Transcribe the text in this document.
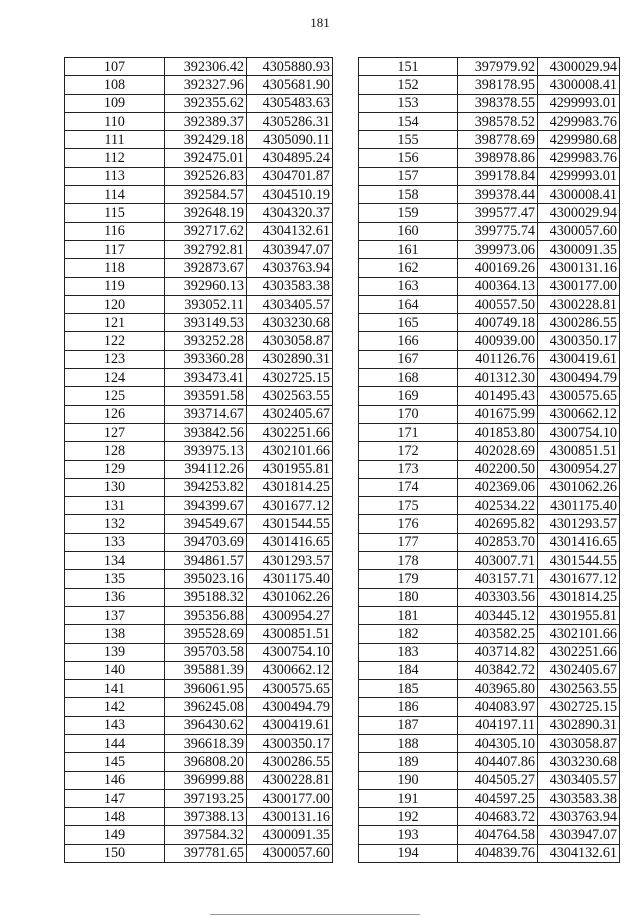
181
107	392306.42	4305880.93
108	392327.96	4305681.90
109	392355.62	4305483.63
110	392389.37	4305286.31
111	392429.18	4305090.11
112	392475.01	4304895.24
113	392526.83	4304701.87
114	392584.57	4304510.19
115	392648.19	4304320.37
116	392717.62	4304132.61
117	392792.81	4303947.07
118	392873.67	4303763.94
119	392960.13	4303583.38
120	393052.11	4303405.57
121	393149.53	4303230.68
122	393252.28	4303058.87
123	393360.28	4302890.31
124	393473.41	4302725.15
125	393591.58	4302563.55
126	393714.67	4302405.67
127	393842.56	4302251.66
128	393975.13	4302101.66
129	394112.26	4301955.81
130	394253.82	4301814.25
131	394399.67	4301677.12
132	394549.67	4301544.55
133	394703.69	4301416.65
134	394861.57	4301293.57
135	395023.16	4301175.40
136	395188.32	4301062.26
137	395356.88	4300954.27
138	395528.69	4300851.51
139	395703.58	4300754.10
140	395881.39	4300662.12
141	396061.95	4300575.65
142	396245.08	4300494.79
143	396430.62	4300419.61
144	396618.39	4300350.17
145	396808.20	4300286.55
146	396999.88	4300228.81
147	397193.25	4300177.00
148	397388.13	4300131.16
149	397584.32	4300091.35
150	397781.65	4300057.60
151	397979.92	4300029.94
152	398178.95	4300008.41
153	398378.55	4299993.01
154	398578.52	4299983.76
155	398778.69	4299980.68
156	398978.86	4299983.76
157	399178.84	4299993.01
158	399378.44	4300008.41
159	399577.47	4300029.94
160	399775.74	4300057.60
161	399973.06	4300091.35
162	400169.26	4300131.16
163	400364.13	4300177.00
164	400557.50	4300228.81
165	400749.18	4300286.55
166	400939.00	4300350.17
167	401126.76	4300419.61
168	401312.30	4300494.79
169	401495.43	4300575.65
170	401675.99	4300662.12
171	401853.80	4300754.10
172	402028.69	4300851.51
173	402200.50	4300954.27
174	402369.06	4301062.26
175	402534.22	4301175.40
176	402695.82	4301293.57
177	402853.70	4301416.65
178	403007.71	4301544.55
179	403157.71	4301677.12
180	403303.56	4301814.25
181	403445.12	4301955.81
182	403582.25	4302101.66
183	403714.82	4302251.66
184	403842.72	4302405.67
185	403965.80	4302563.55
186	404083.97	4302725.15
187	404197.11	4302890.31
188	404305.10	4303058.87
189	404407.86	4303230.68
190	404505.27	4303405.57
191	404597.25	4303583.38
192	404683.72	4303763.94
193	404764.58	4303947.07
194	404839.76	4304132.61
